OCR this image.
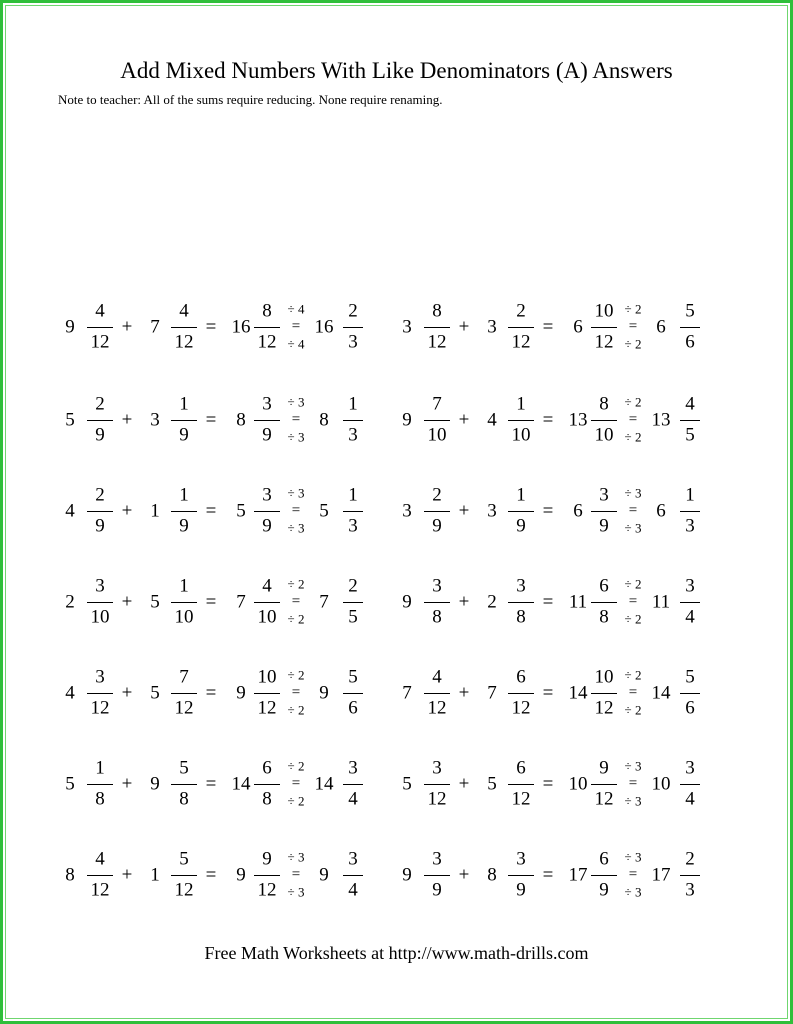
Add Mixed Numbers With Like Denominators (A) Answers
Note to teacher: All of the sums require reducing. None require renaming.
9
4
12
+ 7
4
12
= 16
8
12
÷ 4
=
÷ 4
16
2
3
3
8
12
+ 3
2
12
= 6
10
12
÷ 2
=
÷ 2
6
5
6
5
2
9
+ 3
1
9
= 8
3
9
÷ 3
=
÷ 3
8
1
3
9
7
10
+ 4
1
10
= 13
8
10
÷ 2
=
÷ 2
13
4
5
4
2
9
+ 1
1
9
= 5
3
9
÷ 3
=
÷ 3
5
1
3
3
2
9
+ 3
1
9
= 6
3
9
÷ 3
=
÷ 3
6
1
3
2
3
10
+ 5
1
10
= 7
4
10
÷ 2
=
÷ 2
7
2
5
9
3
8
+ 2
3
8
= 11
6
8
÷ 2
=
÷ 2
11
3
4
4
3
12
+ 5
7
12
= 9
10
12
÷ 2
=
÷ 2
9
5
6
7
4
12
+ 7
6
12
= 14
10
12
÷ 2
=
÷ 2
14
5
6
5
1
8
+ 9
5
8
= 14
6
8
÷ 2
=
÷ 2
14
3
4
5
3
12
+ 5
6
12
= 10
9
12
÷ 3
=
÷ 3
10
3
4
8
4
12
+ 1
5
12
= 9
9
12
÷ 3
=
÷ 3
9
3
4
9
3
9
+ 8
3
9
= 17
6
9
÷ 3
=
÷ 3
17
2
3
Free Math Worksheets at http://www.math-drills.com
